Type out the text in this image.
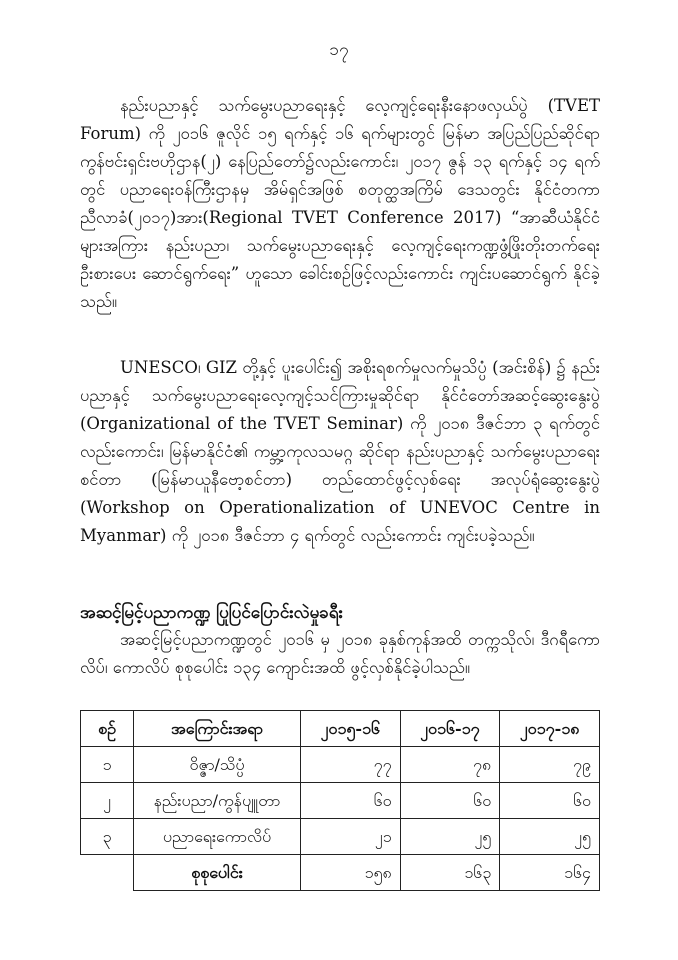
၁၇

နည်းပညာနှင့် သက်မွေးပညာရေးနှင့် လေ့ကျင့်ရေးနီးနောဖလှယ်ပွဲ (TVET Forum) ကို ၂၀၁၆ ဇူလိုင် ၁၅ ရက်နှင့် ၁၆ ရက်များတွင် မြန်မာ အပြည်ပြည်ဆိုင်ရာ ကွန်ဗင်းရှင်းဗဟိုဌာန(၂) နေပြည်တော်၌လည်းကောင်း၊ ၂၀၁၇ ဇွန် ၁၃ ရက်နှင့် ၁၄ ရက်တွင် ပညာရေးဝန်ကြီးဌာနမှ အိမ်ရှင်အဖြစ် စတုတ္ထအကြိမ် ဒေသတွင်း နိုင်ငံတကာညီလာခံ(၂၀၁၇)အား(Regional TVET Conference 2017) “အာဆီယံနိုင်ငံများအကြား နည်းပညာ၊ သက်မွေးပညာရေးနှင့် လေ့ကျင့်ရေးကဏ္ဍဖွံ့ဖြိုးတိုးတက်ရေး ဦးစားပေး ဆောင်ရွက်ရေး” ဟူသော ခေါင်းစဉ်ဖြင့်လည်းကောင်း ကျင်းပဆောင်ရွက် နိုင်ခဲ့သည်။

UNESCO၊ GIZ တို့နှင့် ပူးပေါင်း၍ အစိုးရစက်မှုလက်မှုသိပ္ပံ (အင်းစိန်) ၌ နည်းပညာနှင့် သက်မွေးပညာရေးလေ့ကျင့်သင်ကြားမှုဆိုင်ရာ နိုင်ငံတော်အဆင့်ဆွေးနွေးပွဲ (Organizational of the TVET Seminar) ကို ၂၀၁၈ ဒီဇင်ဘာ ၃ ရက်တွင် လည်းကောင်း၊ မြန်မာနိုင်ငံ၏ ကမ္ဘာ့ကုလသမဂ္ဂ ဆိုင်ရာ နည်းပညာနှင့် သက်မွေးပညာရေးစင်တာ (မြန်မာယူနီဗော့စင်တာ) တည်ထောင်ဖွင့်လှစ်ရေး အလုပ်ရုံဆွေးနွေးပွဲ (Workshop on Operationalization of UNEVOC Centre in Myanmar) ကို ၂၀၁၈ ဒီဇင်ဘာ ၄ ရက်တွင် လည်းကောင်း ကျင်းပခဲ့သည်။

အဆင့်မြင့်ပညာကဏ္ဍ ပြုပြင်ပြောင်းလဲမှုခရီး

အဆင့်မြင့်ပညာကဏ္ဍတွင် ၂၀၁၆ မှ ၂၀၁၈ ခုနှစ်ကုန်အထိ တက္ကသိုလ်၊ ဒီဂရီကောလိပ်၊ ကောလိပ် စုစုပေါင်း ၁၃၄ ကျောင်းအထိ ဖွင့်လှစ်နိုင်ခဲ့ပါသည်။

စဉ်	အကြောင်းအရာ	၂၀၁၅-၁၆	၂၀၁၆-၁၇	၂၀၁၇-၁၈
၁	ဝိဇ္ဇာ/သိပ္ပံ	၇၇	၇၈	၇၉
၂	နည်းပညာ/ကွန်ပျူတာ	၆၀	၆၀	၆၀
၃	ပညာရေးကောလိပ်	၂၁	၂၅	၂၅
	စုစုပေါင်း	၁၅၈	၁၆၃	၁၆၄
